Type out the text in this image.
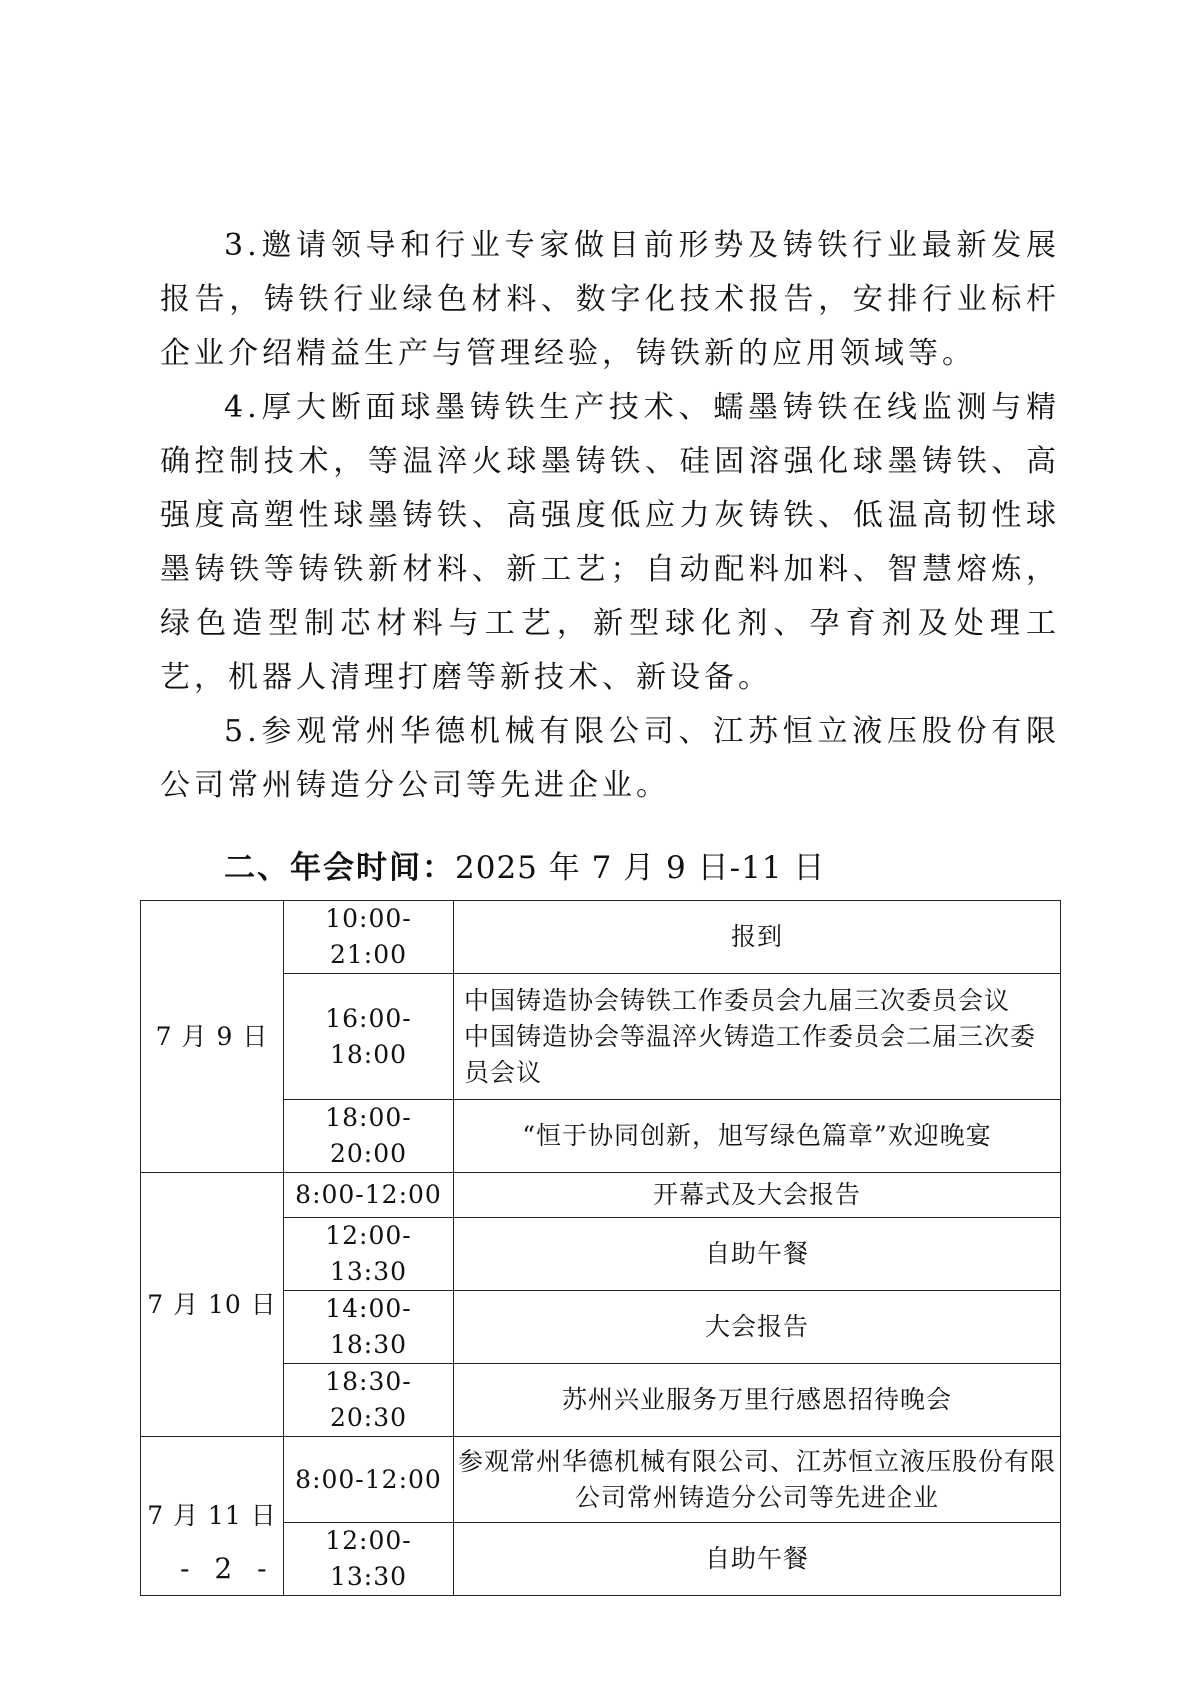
3.邀请领导和行业专家做目前形势及铸铁行业最新发展报告，铸铁行业绿色材料、数字化技术报告，安排行业标杆企业介绍精益生产与管理经验，铸铁新的应用领域等。

4.厚大断面球墨铸铁生产技术、蠕墨铸铁在线监测与精确控制技术，等温淬火球墨铸铁、硅固溶强化球墨铸铁、高强度高塑性球墨铸铁、高强度低应力灰铸铁、低温高韧性球墨铸铁等铸铁新材料、新工艺；自动配料加料、智慧熔炼，绿色造型制芯材料与工艺，新型球化剂、孕育剂及处理工艺，机器人清理打磨等新技术、新设备。

5.参观常州华德机械有限公司、江苏恒立液压股份有限公司常州铸造分公司等先进企业。

二、年会时间：2025 年 7 月 9 日-11 日

7 月 9 日	10:00-21:00	报到
	16:00-18:00	中国铸造协会铸铁工作委员会九届三次委员会议
中国铸造协会等温淬火铸造工作委员会二届三次委员会议

	18:00-20:00	“恒于协同创新，旭写绿色篇章”欢迎晚宴
7 月 10 日	8:00-12:00	开幕式及大会报告
	12:00-13:30	自助午餐
	14:00-18:30	大会报告
	18:30-20:30	苏州兴业服务万里行感恩招待晚会
7 月 11 日	8:00-12:00	参观常州华德机械有限公司、江苏恒立液压股份有限公司常州铸造分公司等先进企业
	12:00-13:30	自助午餐
- 2 -
